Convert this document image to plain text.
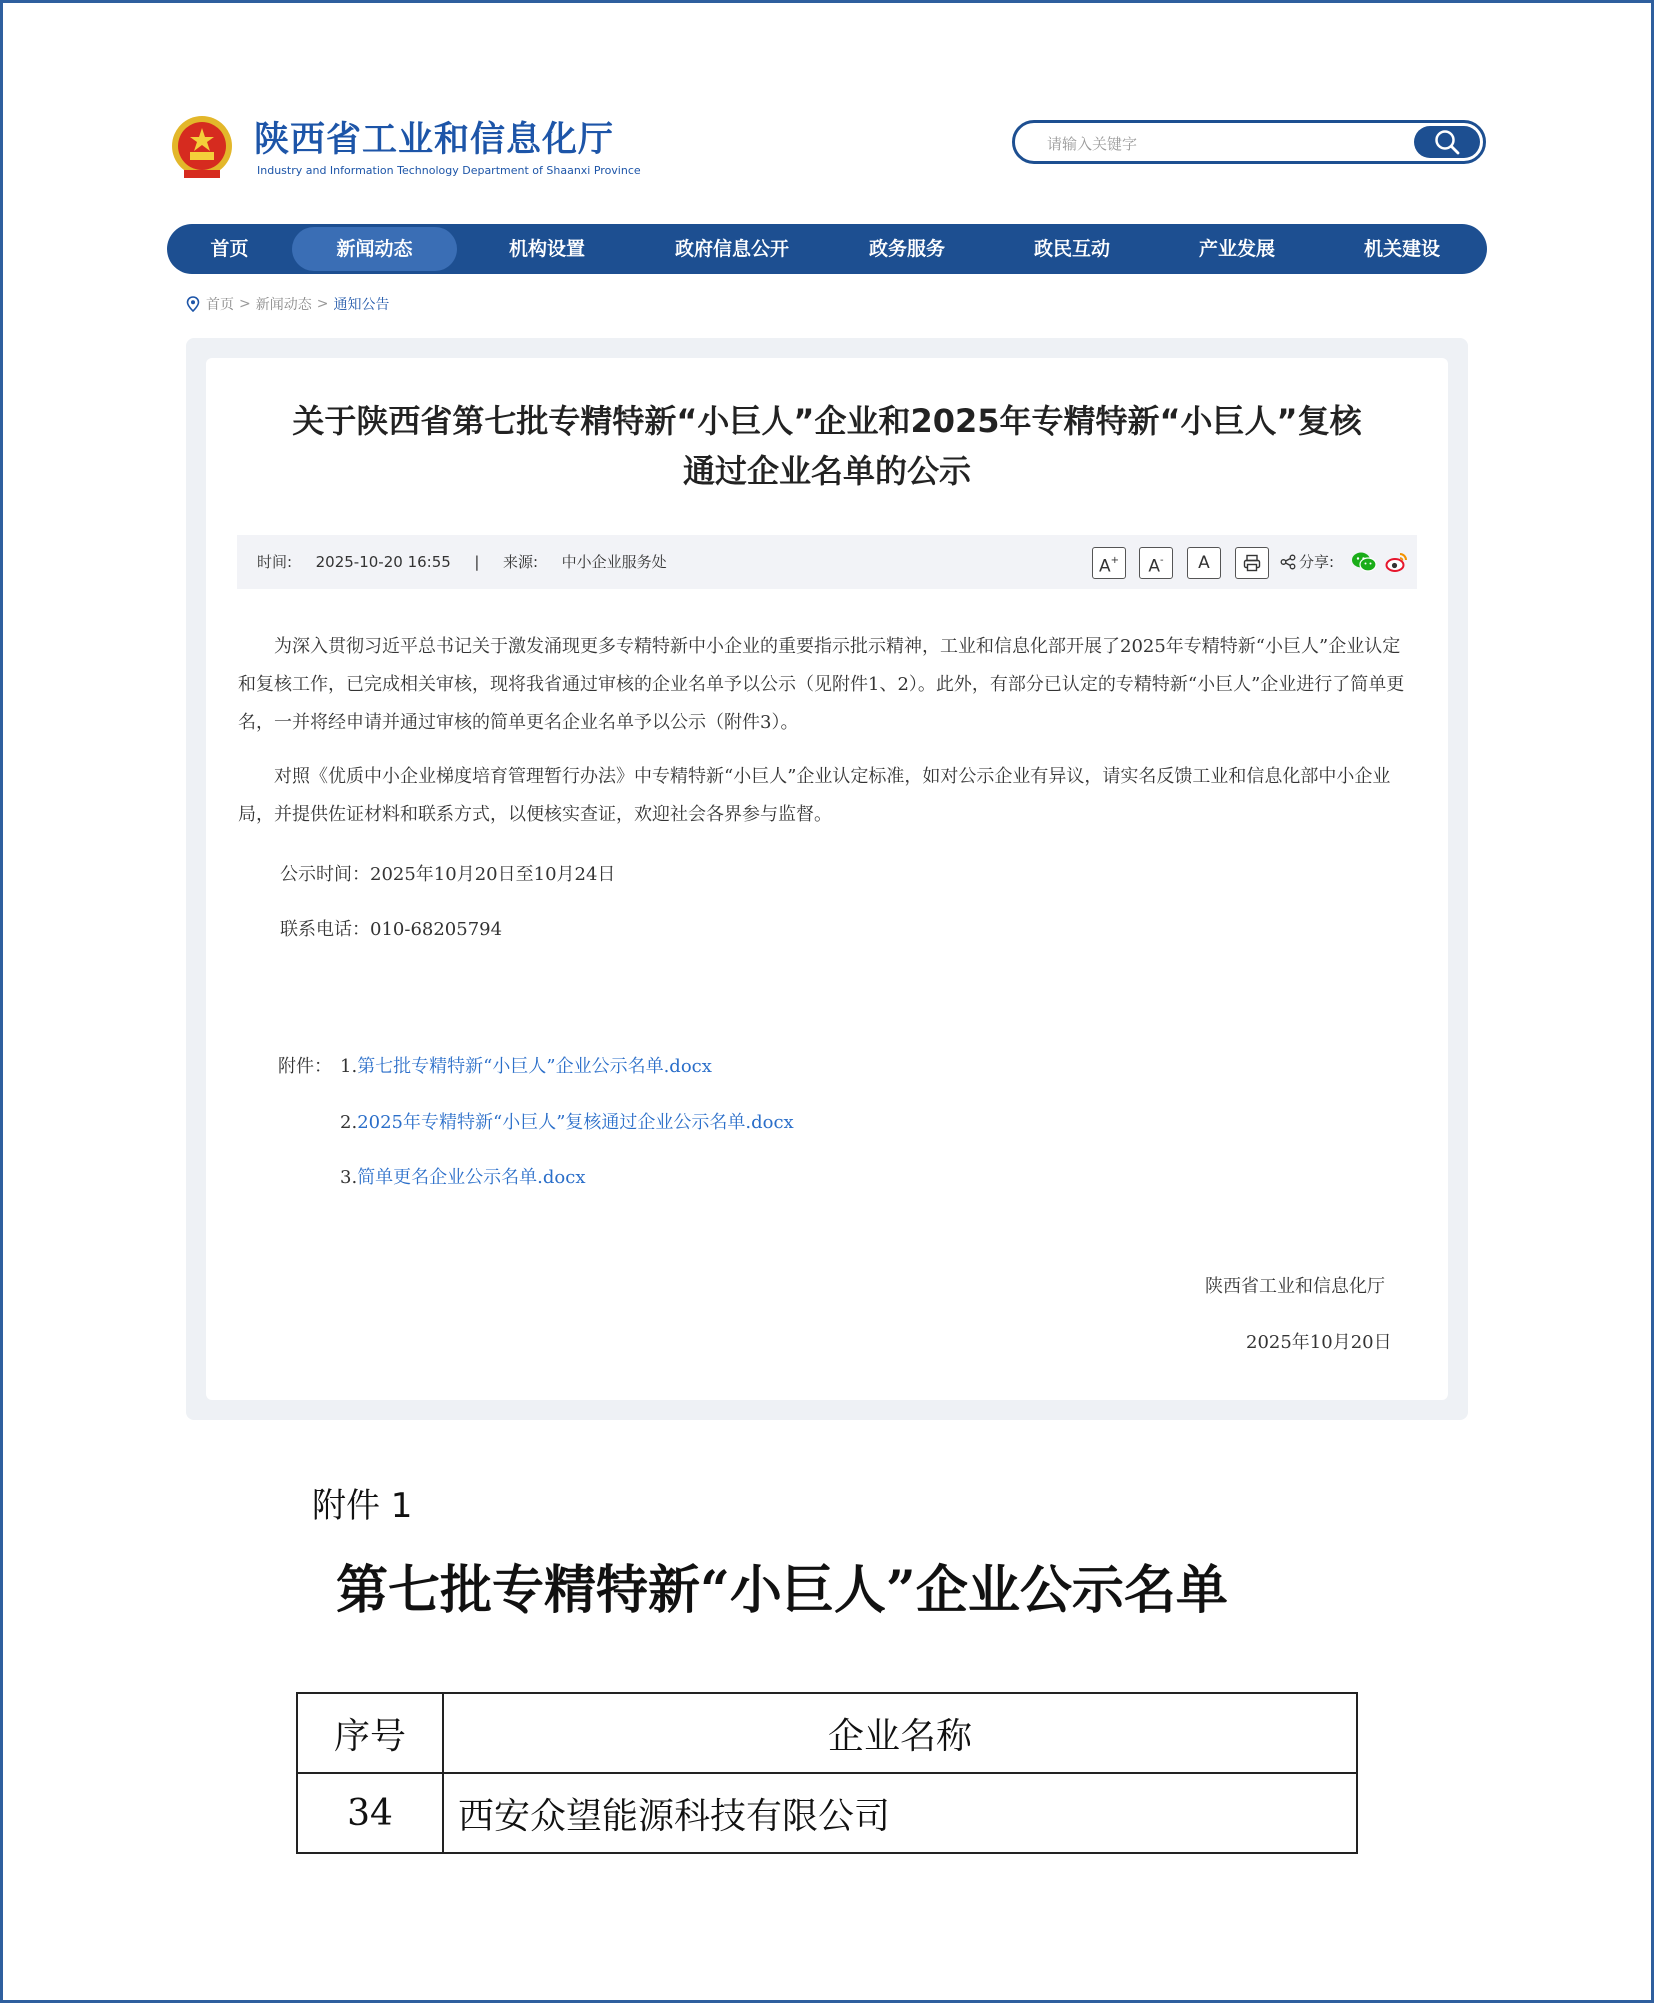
陕西省工业和信息化厅
Industry and Information Technology Department of Shaanxi Province
请输入关键字
首页	新闻动态	机构设置	政府信息公开	政务服务	政民互动	产业发展	机关建设
首页 > 新闻动态 > 通知公告
关于陕西省第七批专精特新“小巨人”企业和2025年专精特新“小巨人”复核
通过企业名单的公示
时间: 2025-10-20 16:55 | 来源: 中小企业服务处	A+	A-	A	分享:

为深入贯彻习近平总书记关于激发涌现更多专精特新中小企业的重要指示批示精神，工业和信息化部开展了2025年专精特新“小巨人”企业认定和复核工作，已完成相关审核，现将我省通过审核的企业名单予以公示（见附件1、2）。此外，有部分已认定的专精特新“小巨人”企业进行了简单更名，一并将经申请并通过审核的简单更名企业名单予以公示（附件3）。

对照《优质中小企业梯度培育管理暂行办法》中专精特新“小巨人”企业认定标准，如对公示企业有异议，请实名反馈工业和信息化部中小企业局，并提供佐证材料和联系方式，以便核实查证，欢迎社会各界参与监督。

公示时间：2025年10月20日至10月24日
联系电话：010-68205794
附件： 1.第七批专精特新“小巨人”企业公示名单.docx
2.2025年专精特新“小巨人”复核通过企业公示名单.docx
3.简单更名企业公示名单.docx
陕西省工业和信息化厅
2025年10月20日
附件 1
第七批专精特新“小巨人”企业公示名单
序号	企业名称
34	西安众望能源科技有限公司
